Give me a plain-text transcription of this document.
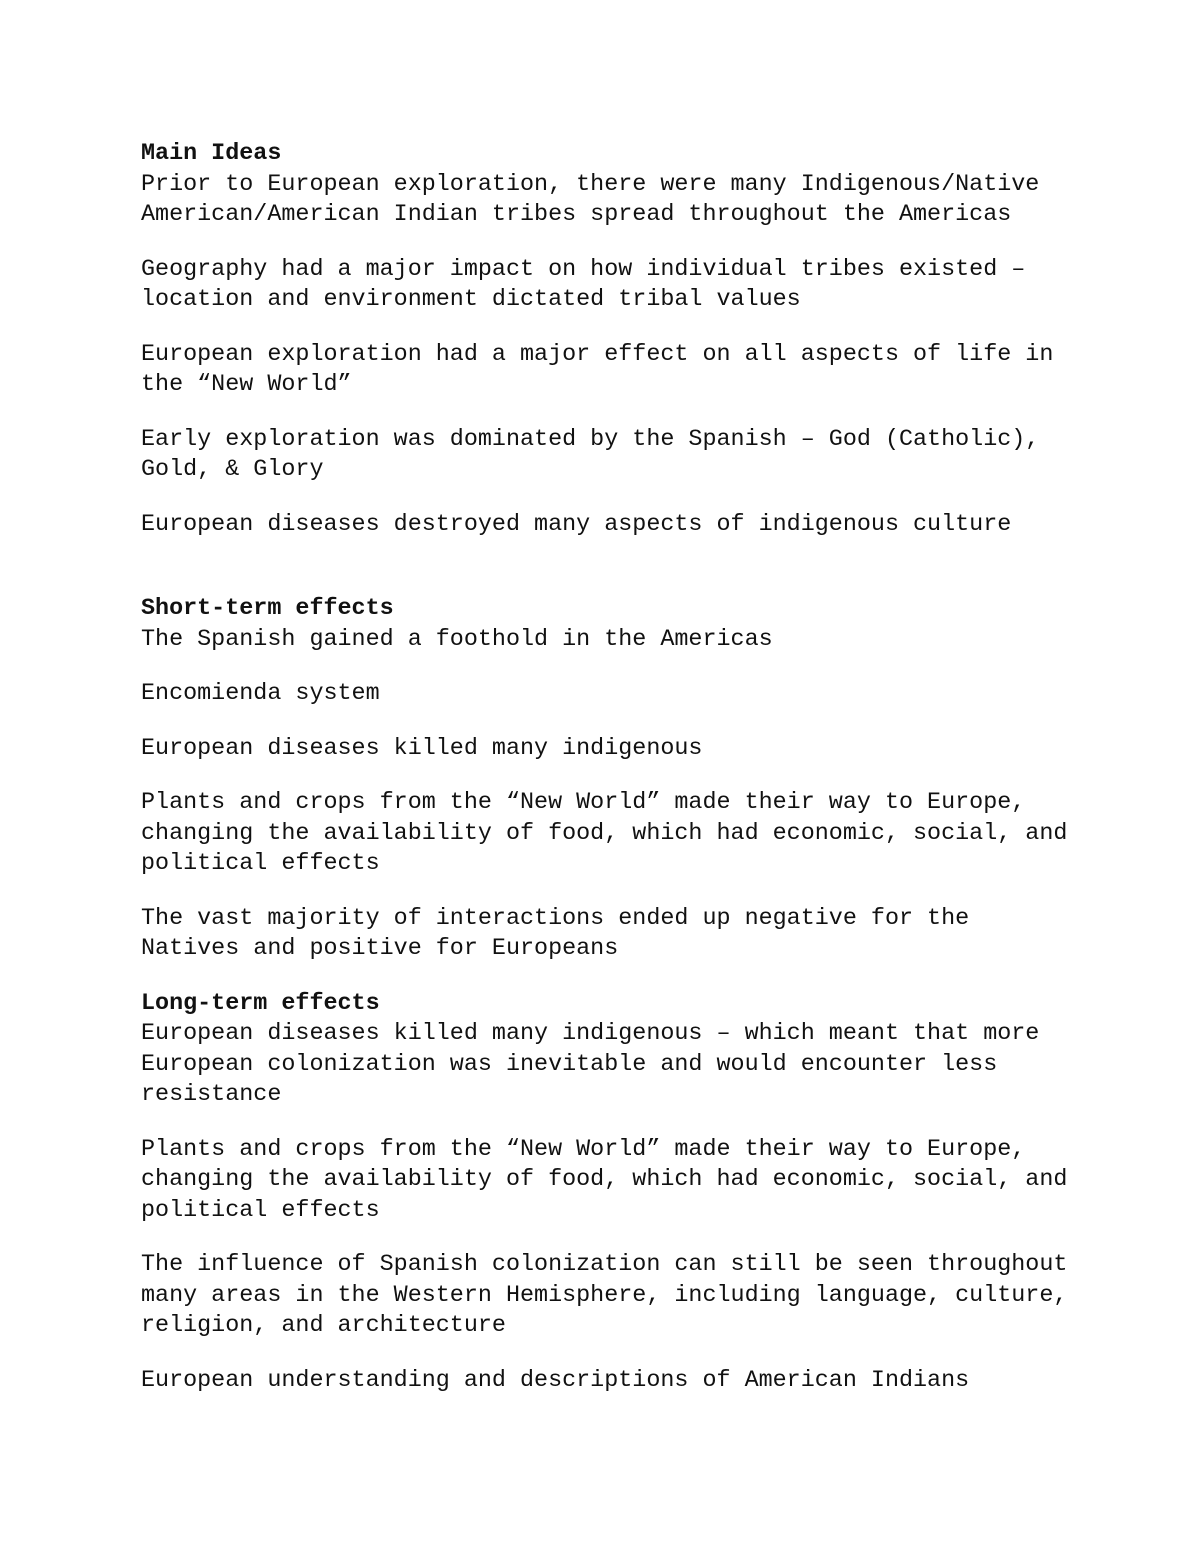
Main Ideas

Prior to European exploration, there were many Indigenous/Native American/American Indian tribes spread throughout the Americas

Geography had a major impact on how individual tribes existed – location and environment dictated tribal values

European exploration had a major effect on all aspects of life in the “New World”

Early exploration was dominated by the Spanish – God (Catholic), Gold, & Glory

European diseases destroyed many aspects of indigenous culture

Short-term effects

The Spanish gained a foothold in the Americas

Encomienda system

European diseases killed many indigenous

Plants and crops from the “New World” made their way to Europe, changing the availability of food, which had economic, social, and political effects

The vast majority of interactions ended up negative for the Natives and positive for Europeans

Long-term effects

European diseases killed many indigenous – which meant that more European colonization was inevitable and would encounter less resistance

Plants and crops from the “New World” made their way to Europe, changing the availability of food, which had economic, social, and political effects

The influence of Spanish colonization can still be seen throughout many areas in the Western Hemisphere, including language, culture, religion, and architecture

European understanding and descriptions of American Indians
